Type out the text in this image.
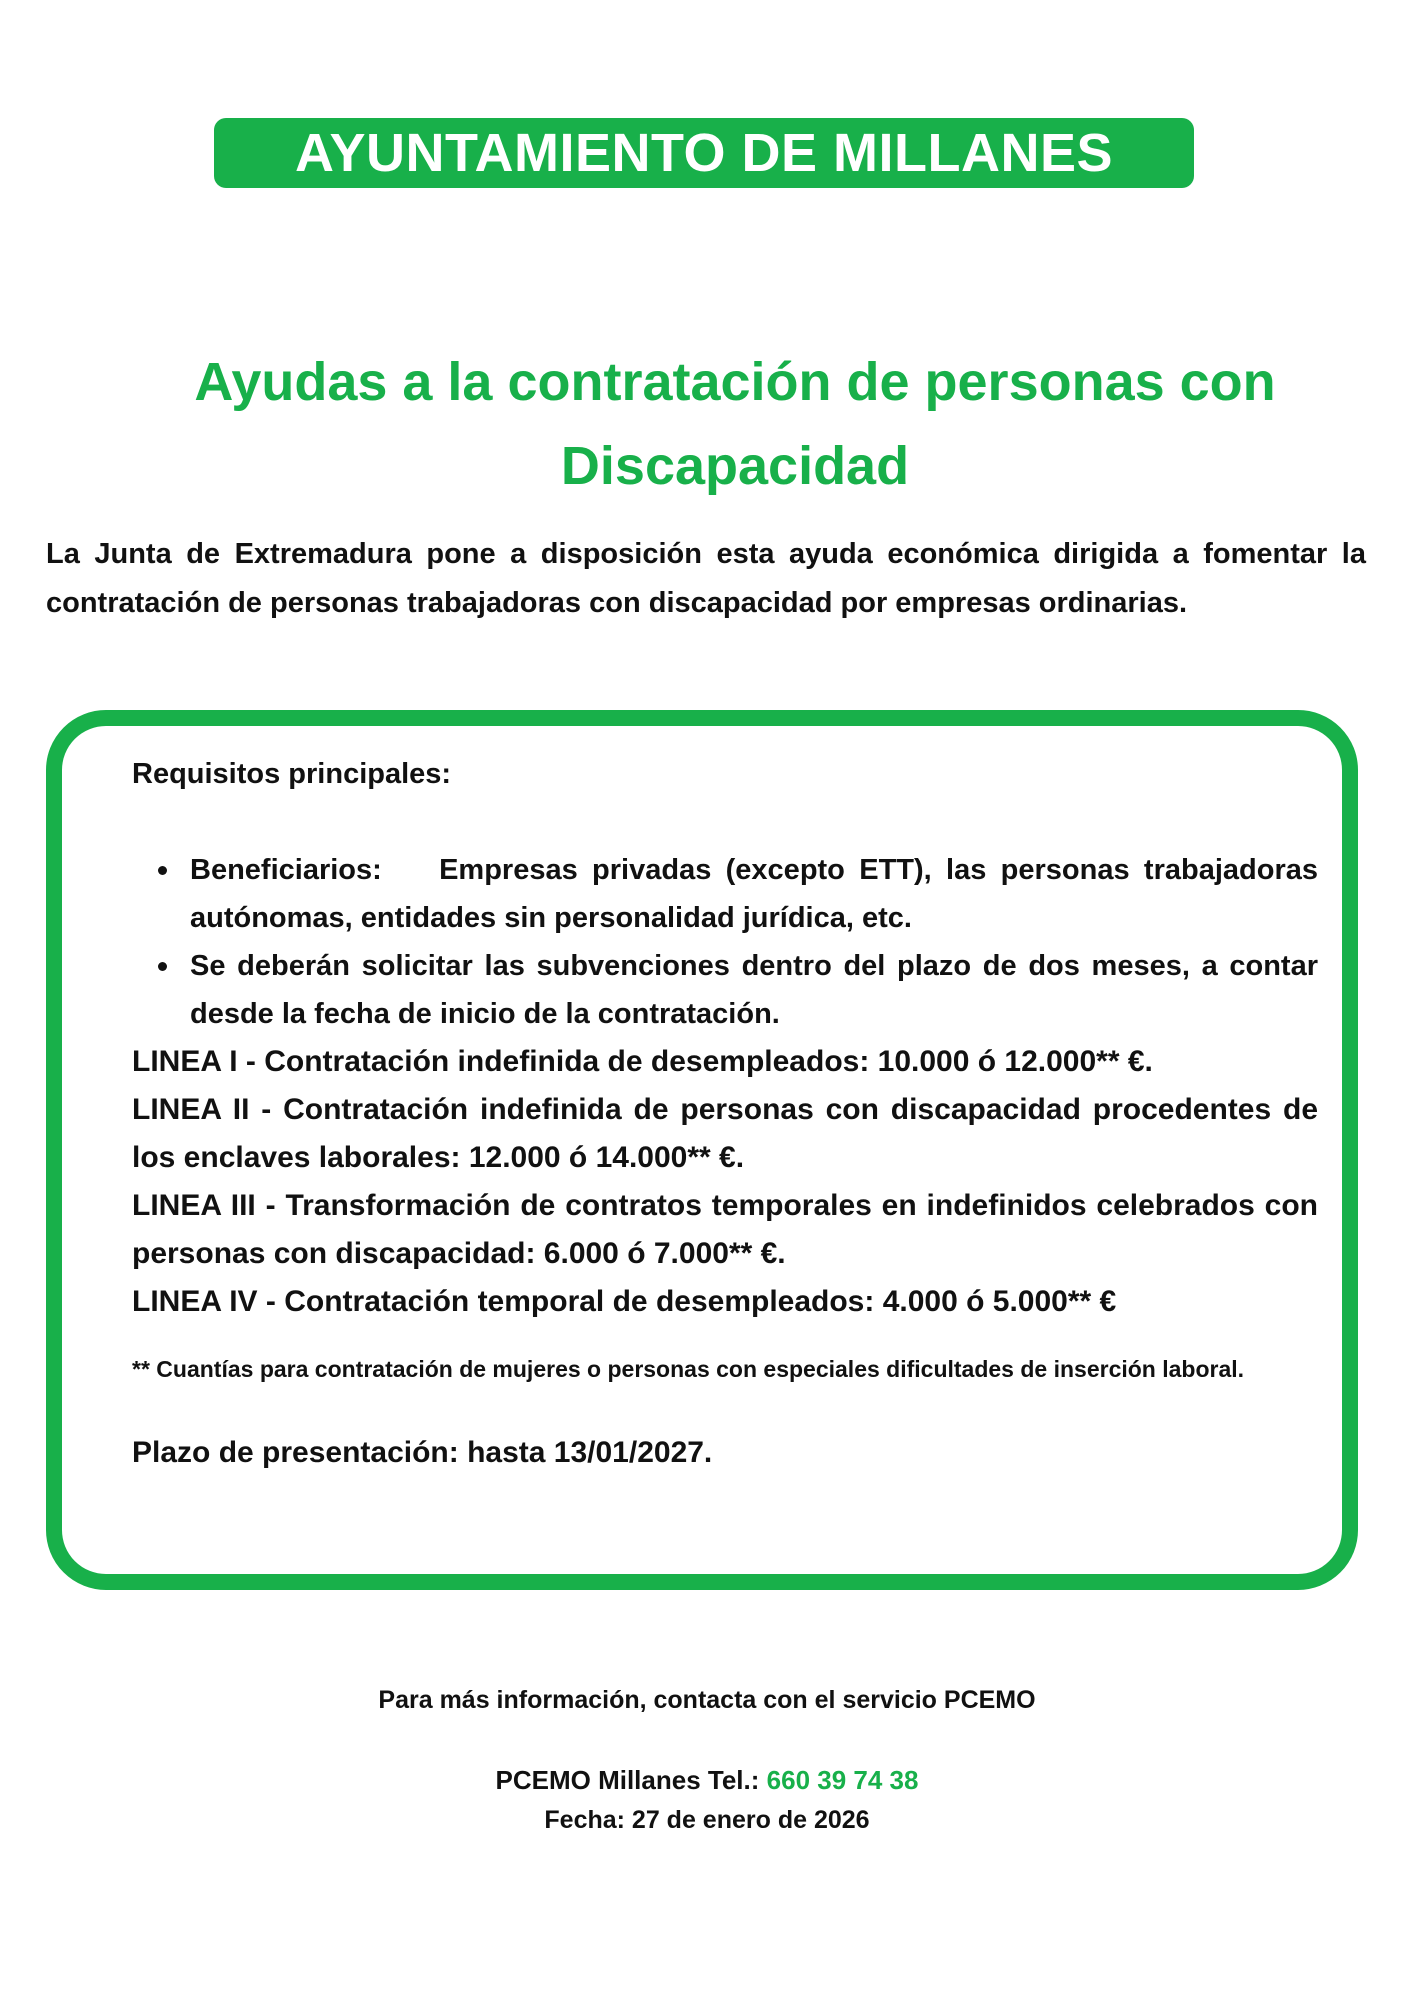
AYUNTAMIENTO DE MILLANES
Ayudas a la contratación de personas con
Discapacidad

La Junta de Extremadura pone a disposición esta ayuda económica dirigida a fomentar la contratación de personas trabajadoras con discapacidad por empresas ordinarias.

Requisitos principales:

Beneficiarios: Empresas privadas (excepto ETT), las personas trabajadoras autónomas, entidades sin personalidad jurídica, etc.
Se deberán solicitar las subvenciones dentro del plazo de dos meses, a contar desde la fecha de inicio de la contratación.

LINEA I - Contratación indefinida de desempleados: 10.000 ó 12.000** €.

LINEA II - Contratación indefinida de personas con discapacidad procedentes de los enclaves laborales: 12.000 ó 14.000** €.

LINEA III - Transformación de contratos temporales en indefinidos celebrados con personas con discapacidad: 6.000 ó 7.000** €.

LINEA IV - Contratación temporal de desempleados: 4.000 ó 5.000** €

** Cuantías para contratación de mujeres o personas con especiales dificultades de inserción laboral.

Plazo de presentación: hasta 13/01/2027.

Para más información, contacta con el servicio PCEMO
PCEMO Millanes Tel.: 660 39 74 38
Fecha: 27 de enero de 2026
